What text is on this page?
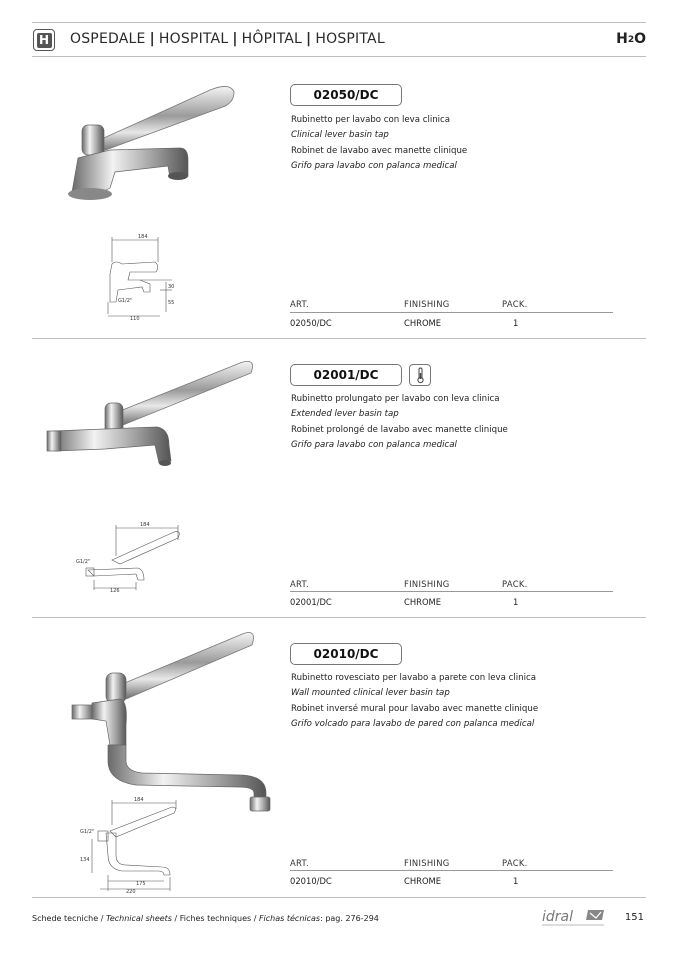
H OSPEDALE | HOSPITAL | HÔPITAL | HOSPITAL	$H_2O$
184
30
55
G1/2"
110
02050/DC
Rubinetto per lavabo con leva clinica
Clinical lever basin tap
Robinet de lavabo avec manette clinique
Grifo para lavabo con palanca medical
ART.	FINISHING	PACK.
02050/DC	CHROME	1
184
G1/2"
126
02001/DC
Rubinetto prolungato per lavabo con leva clinica
Extended lever basin tap
Robinet prolongé de lavabo avec manette clinique
Grifo para lavabo con palanca medical
ART.	FINISHING	PACK.
02001/DC	CHROME	1
184
G1/2"
134
175
220
02010/DC
Rubinetto rovesciato per lavabo a parete con leva clinica
Wall mounted clinical lever basin tap
Robinet inversé mural pour lavabo avec manette clinique
Grifo volcado para lavabo de pared con palanca medical
ART.	FINISHING	PACK.
02010/DC	CHROME	1
Schede tecniche / Technical sheets / Fiches techniques / Fichas técnicas: pag. 276-294	idral	151
